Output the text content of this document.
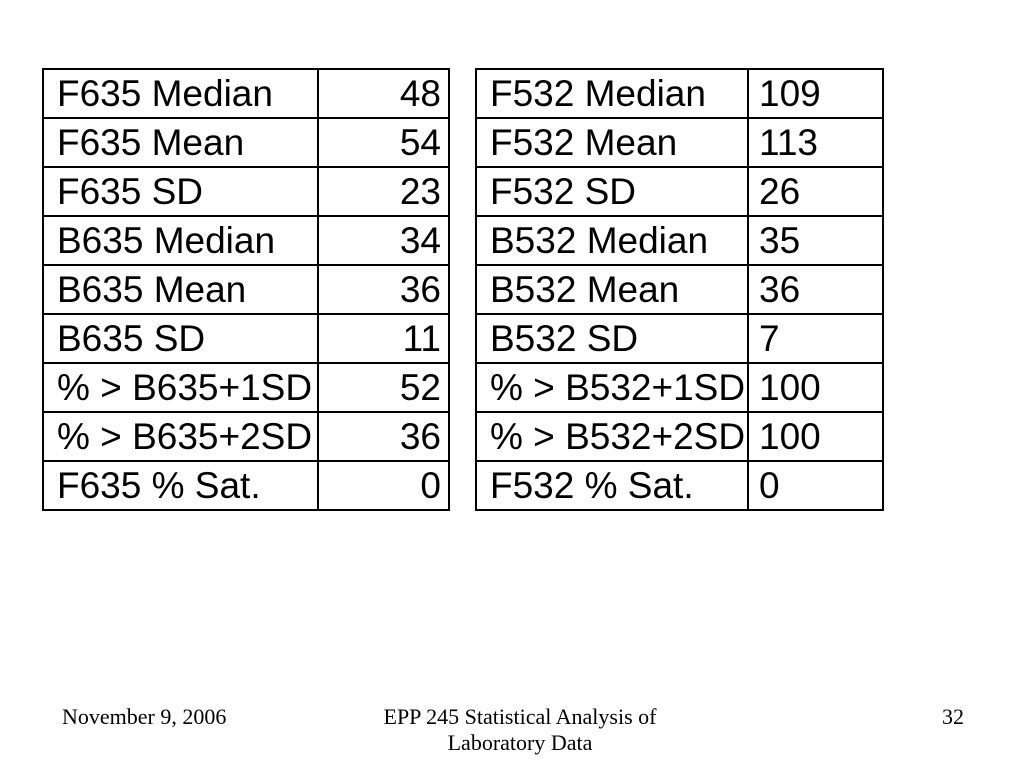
F635 Median	48
F635 Mean	54
F635 SD	23
B635 Median	34
B635 Mean	36
B635 SD	11
% > B635+1SD	52
% > B635+2SD	36
F635 % Sat.	0
F532 Median	109
F532 Mean	113
F532 SD	26
B532 Median	35
B532 Mean	36
B532 SD	7
% > B532+1SD	100
% > B532+2SD	100
F532 % Sat.	0
November 9, 2006	EPP 245 Statistical Analysis of
Laboratory Data
32
